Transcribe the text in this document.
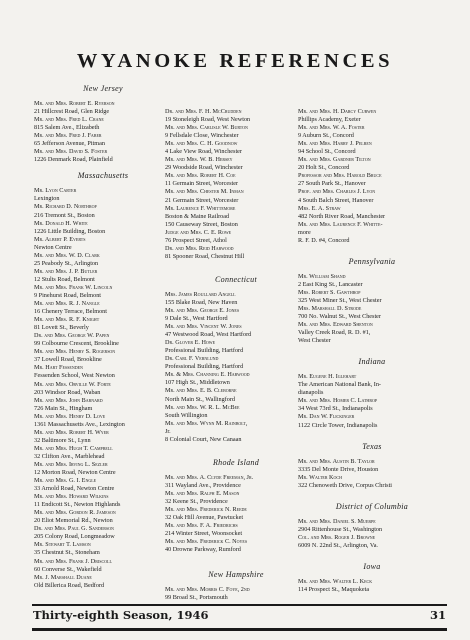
WYANOKE REFERENCES
New Jersey
Mr. and Mrs. Robert E. Ryerson
21 Hillcrest Road, Glen Ridge
Mr. and Mrs. Fred L. Crane
815 Salem Ave., Elizabeth
Mr. and Mrs. Fred J. Faber
65 Jefferson Avenue, Pitman
Mr. and Mrs. David S. Foster
1226 Denmark Road, Plainfield
Massachusetts
Mr. Lyon Carter
Lexington
Mr. Richard D. Northrop
216 Tremont St., Boston
Mr. Donald H. White
1226 Little Building, Boston
Mr. Albert P. Everts
Newton Centre
Mr. and Mrs. W. D. Clark
25 Peabody St., Arlington
Mr. and Mrs. J. P. Butler
12 Stults Road, Belmont
Mr. and Mrs. Frank W. Lincoln
9 Pinehurst Road, Belmont
Mr. and Mrs. R. J. Nangle
16 Chenery Terrace, Belmont
Mr. and Mrs. R. F. Knight
81 Lovett St., Beverly
Dr. and Mrs. George W. Papen
99 Colbourne Crescent, Brookline
Mr. and Mrs. Henry S. Rogerson
37 Lowell Road, Brookline
Mr. Hart Fessenden
Fessenden School, West Newton
Mr. and Mrs. Orville W. Forte
203 Windsor Road, Waban
Mr. and Mrs. John Barnard
726 Main St., Hingham
Mr. and Mrs. Henry D. Love
1361 Massachusetts Ave., Lexington
Mr. and Mrs. Robert H. Wyer
32 Baltimore St., Lynn
Mr. and Mrs. Hugh T. Campbell
32 Clifton Ave., Marblehead
Mr. and Mrs. Irving L. Sezler
12 Morton Road, Newton Centre
Mr. and Mrs. G. I. Engle
33 Arnold Road, Newton Centre
Mr. and Mrs. Howard Wilkins
11 Endicott St., Newton Highlands
Mr. and Mrs. Gordon R. Jameson
20 Eliot Memorial Rd., Newton
Dr. and Mrs. Paul G. Sanderson
205 Colony Road, Longmeadow
Mr. Stewart T. Lamson
35 Chestnut St., Stoneham
Mr. and Mrs. Frank J. Driscoll
60 Converse St., Wakefield
Mr. J. Marshall Duane
Old Billerica Road, Bedford
Dr. and Mrs. F. H. McCrudden
19 Stoneleigh Road, West Newton
Mr. and Mrs. Carlisle W. Burton
9 Fellsdale Close, Winchester
Mr. and Mrs. C. H. Goodnow
4 Lake View Road, Winchester
Mr. and Mrs. W. B. Hersey
29 Woodside Road, Winchester
Mr. and Mrs. Robert H. Coe
11 Germain Street, Worcester
Mr. and Mrs. Chester M. Inman
21 Germain Street, Worcester
Mr. Laurence F. Whittemore
Boston & Maine Railroad
150 Causeway Street, Boston
Judge and Mrs. C. E. Rowe
76 Prospect Street, Athol
Dr. and Mrs. Reid Harwood
81 Spooner Road, Chestnut Hill
Connecticut
Mrs. James Roullard Angell
155 Blake Road, New Haven
Mr. and Mrs. George E. Jones
9 Dale St., West Hartford
Mr. and Mrs. Vincent W. Jones
47 Westwood Road, West Hartford
Dr. Glover E. Howe
Professional Building, Hartford
Dr. Carl F. Vernlund
Professional Building, Hartford
Mr. & Mrs. Channing E. Harwood
107 High St., Middletown
Mr. and Mrs. E. B. Cleborne
North Main St., Wallingford
Mr. and Mrs. W. R. L. McBee
South Willington
Mr. and Mrs. Wynn M. Rainbolt,
Jr.
8 Colonial Court, New Canaan
Rhode Island
Mr. and Mrs. A. Clyde Freeman, Jr.
311 Wayland Ave., Providence
Mr. and Mrs. Ralph E. Mason
32 Keene St., Providence
Mr. and Mrs. Frederick N. Reede
32 Oak Hill Avenue, Pawtucket
Mr. and Mrs. F. A. Friedrichs
214 Winter Street, Woonsocket
Mr. and Mrs. Frederick C. Noyes
40 Drowne Parkway, Rumford
New Hampshire
Mr. and Mrs. Morris C. Foye, 2nd
99 Broad St., Portsmouth
Mr. and Mrs. H. Darcy Curwen
Phillips Academy, Exeter
Mr. and Mrs. W. A. Foster
9 Auburn St., Concord
Mr. and Mrs. Harry J. Pelren
94 School St., Concord
Mr. and Mrs. Gardner Tilton
20 Holt St., Concord
Professor and Mrs. Harold Bruce
27 South Park St., Hanover
Prof. and Mrs. Charles J. Lyon
4 South Balch Street, Hanover
Mrs. E. A. Straw
482 North River Road, Manchester
Mr. and Mrs. Laurence F. Whitte-
more
R. F. D. #4, Concord
Pennsylvania
Mr. William Shand
2 East King St., Lancaster
Mrs. Robert S. Gawthrop
325 West Miner St., West Chester
Mrs. Marshall D. Strode
700 No. Walnut St., West Chester
Mr. and Mrs. Edward Shenton
Valley Creek Road, R. D. #1,
West Chester
Indiana
Mr. Eugene H. Iglehart
The American National Bank, In-
dianapolis
Mr. and Mrs. Homer C. Lathrop
34 West 73rd St., Indianapolis
Mr. Dan W. Flickinger
1122 Circle Tower, Indianapolis
Texas
Mr. and Mrs. Austin B. Taylor
3335 Del Monte Drive, Houston
Mr. Walter Koch
322 Chenoweth Drive, Corpus Christi
District of Columbia
Mr. and Mrs. Daniel S. Muerpe
2904 Rittenhouse St., Washington
Col. and Mrs. Roger J. Browne
6009 N. 22nd St., Arlington, Va.
Iowa
Mr. and Mrs. Walter L. Keck
114 Prospect St., Maquoketa
Thirty-eighth Season, 1946	31
